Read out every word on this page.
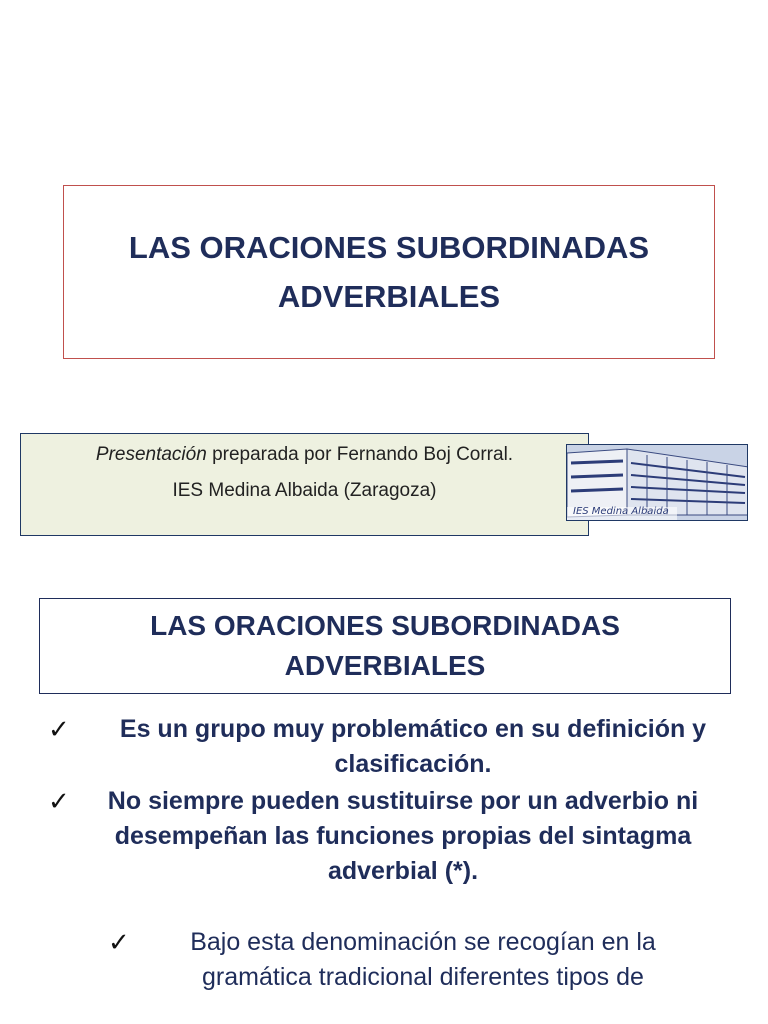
LAS ORACIONES SUBORDINADAS
ADVERBIALES
Presentación preparada por Fernando Boj Corral.
IES Medina Albaida (Zaragoza)
IES Medina Albaida
LAS ORACIONES SUBORDINADAS
ADVERBIALES
✓	Es un grupo muy problemático en su definición y
clasificación.
✓	No siempre pueden sustituirse por un adverbio ni
desempeñan las funciones propias del sintagma
adverbial (*).
✓	Bajo esta denominación se recogían en la
gramática tradicional diferentes tipos de
